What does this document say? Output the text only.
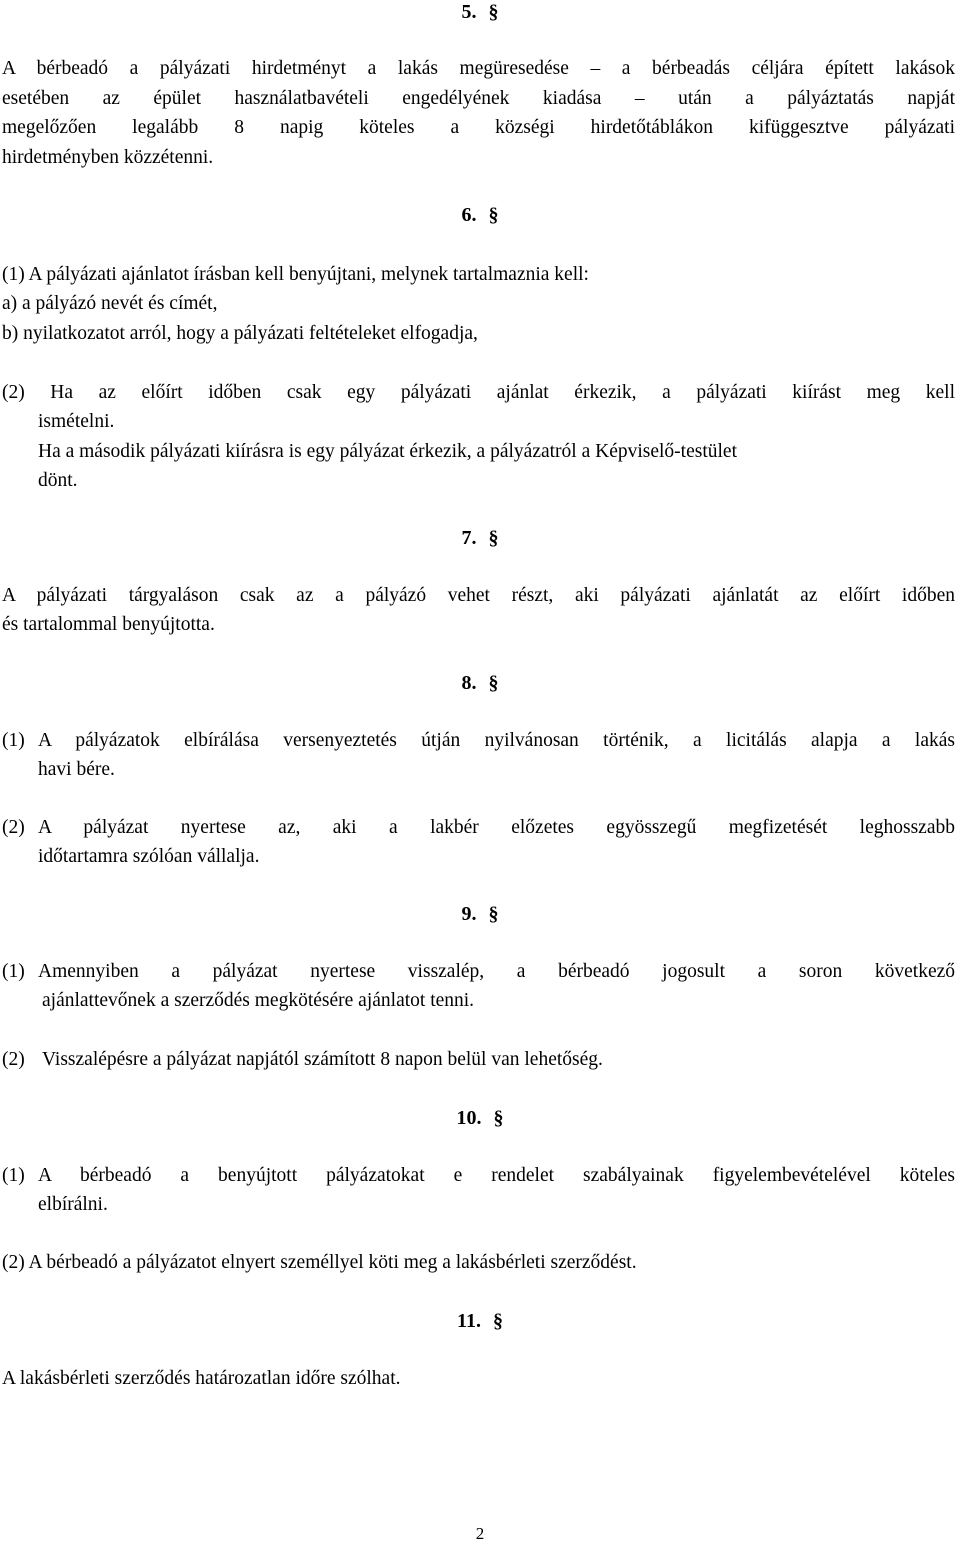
5. §
A bérbeadó a pályázati hirdetményt a lakás megüresedése – a bérbeadás céljára épített lakások
esetében az épület használatbavételi engedélyének kiadása – után a pályáztatás napját
megelőzően legalább 8 napig köteles a községi hirdetőtáblákon kifüggesztve pályázati
hirdetményben közzétenni.
6. §
(1) A pályázati ajánlatot írásban kell benyújtani, melynek tartalmaznia kell:
a) a pályázó nevét és címét,
b) nyilatkozatot arról, hogy a pályázati feltételeket elfogadja,
(2) Ha az előírt időben csak egy pályázati ajánlat érkezik, a pályázati kiírást meg kell
ismételni.
Ha a második pályázati kiírásra is egy pályázat érkezik, a pályázatról a Képviselő-testület
dönt.
7. §
A pályázati tárgyaláson csak az a pályázó vehet részt, aki pályázati ajánlatát az előírt időben
és tartalommal benyújtotta.
8. §
(1) A pályázatok elbírálása versenyeztetés útján nyilvánosan történik, a licitálás alapja a lakás
havi bére.
(2) A pályázat nyertese az, aki a lakbér előzetes egyösszegű megfizetését leghosszabb
időtartamra szólóan vállalja.
9. §
(1) Amennyiben a pályázat nyertese visszalép, a bérbeadó jogosult a soron következő
ajánlattevőnek a szerződés megkötésére ajánlatot tenni.
(2) Visszalépésre a pályázat napjától számított 8 napon belül van lehetőség.
10. §
(1) A bérbeadó a benyújtott pályázatokat e rendelet szabályainak figyelembevételével köteles
elbírálni.
(2) A bérbeadó a pályázatot elnyert személlyel köti meg a lakásbérleti szerződést.
11. §
A lakásbérleti szerződés határozatlan időre szólhat.
2
